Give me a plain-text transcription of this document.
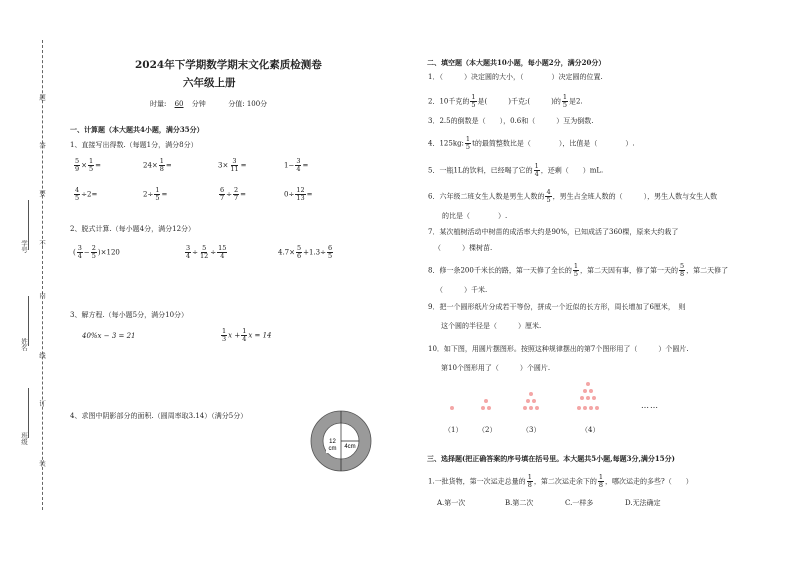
题
答
要
不
内
线
订
装
学号
姓名
班级
2024年下学期数学期末文化素质检测卷
六年级上册
时量: 60 分钟	分值: 100分
一、计算题（本大题共4小题，满分35分）
1、直接写出得数.（每题1分，满分8分）
$\frac{5}{9} \times \frac{1}{5}$ =	$24\times \frac{1}{8}$ =	$3\times \frac{3}{11}$ =	$1- \frac{3}{4}$ =
$\frac{4}{5} \div 2=$	$2\div \frac{1}{5}$ =	$\frac{6}{7} \div \frac{2}{7}$ =	$0\div \frac{12}{13}$ =
2、脱式计算.（每小题4分，满分12分）
( $\frac{3}{4} - \frac{2}{5} )\times 120$	$\frac{3}{4} \div \frac{5}{12} \div \frac{15}{4}$	$4.7\times \frac{5}{6} +1.3\div \frac{6}{5}$
3、解方程.（每小题5分，满分10分）
40%x − 3 = 21	$\frac{1}{3}$ $x + \frac{1}{4}$ x = 14
4、求图中阴影部分的面积.（圆周率取3.14）（满分5分）
12
cm 4cm
二、填空题（本大题共10小题，每小题2分，满分20分）
1．（　　　）决定圆的大小，（　　　　）决定圆的位置.
2．10千克的 $\frac{1}{5}$ 是(　　　)千克;(　　　)的 $\frac{1}{5}$ 是2.
3．2.5的倒数是（　　），0.6和（　　　）互为倒数.
4．125kg: $\frac{1}{5}$ t的最简整数比是（　　　　），比值是（　　　　）.
5．一瓶1L的饮料，已经喝了它的 $\frac{1}{4}$ ，还剩（　　）mL.
6．六年级二班女生人数是男生人数的 $\frac{4}{5}$ ，男生占全班人数的（　　　），男生人数与女生人数
的比是（　　　　）.
7．某次植树活动中树苗的成活率大约是90%，已知成活了360棵，原来大约栽了
（　　　）棵树苗.
8．修一条200千米长的路，第一天修了全长的 $\frac{1}{5}$ ，第二天因有事，修了第一天的 $\frac{5}{8}$ ，第二天修了
（　　　）千米.
9．把一个圆形纸片分成若干等份，拼成一个近似的长方形，周长增加了6厘米，　则
这个圆的半径是（　　　）厘米.
10．如下图，用圆片摆图形。按照这种规律摆出的第7个图形用了（　　　）个圆片.
第10个图形用了（　　　）个圆片.
……
（1） （2）	（3）	（4）
三、选择题(把正确答案的序号填在括号里。本大题共5小题,每题3分,满分15分)
1.一批货物，第一次运走总量的 $\frac{1}{8}$ ，第二次运走余下的 $\frac{1}{8}$ ，哪次运走的多些?（　　）
A.第一次	B.第二次	C.一样多	D.无法确定
